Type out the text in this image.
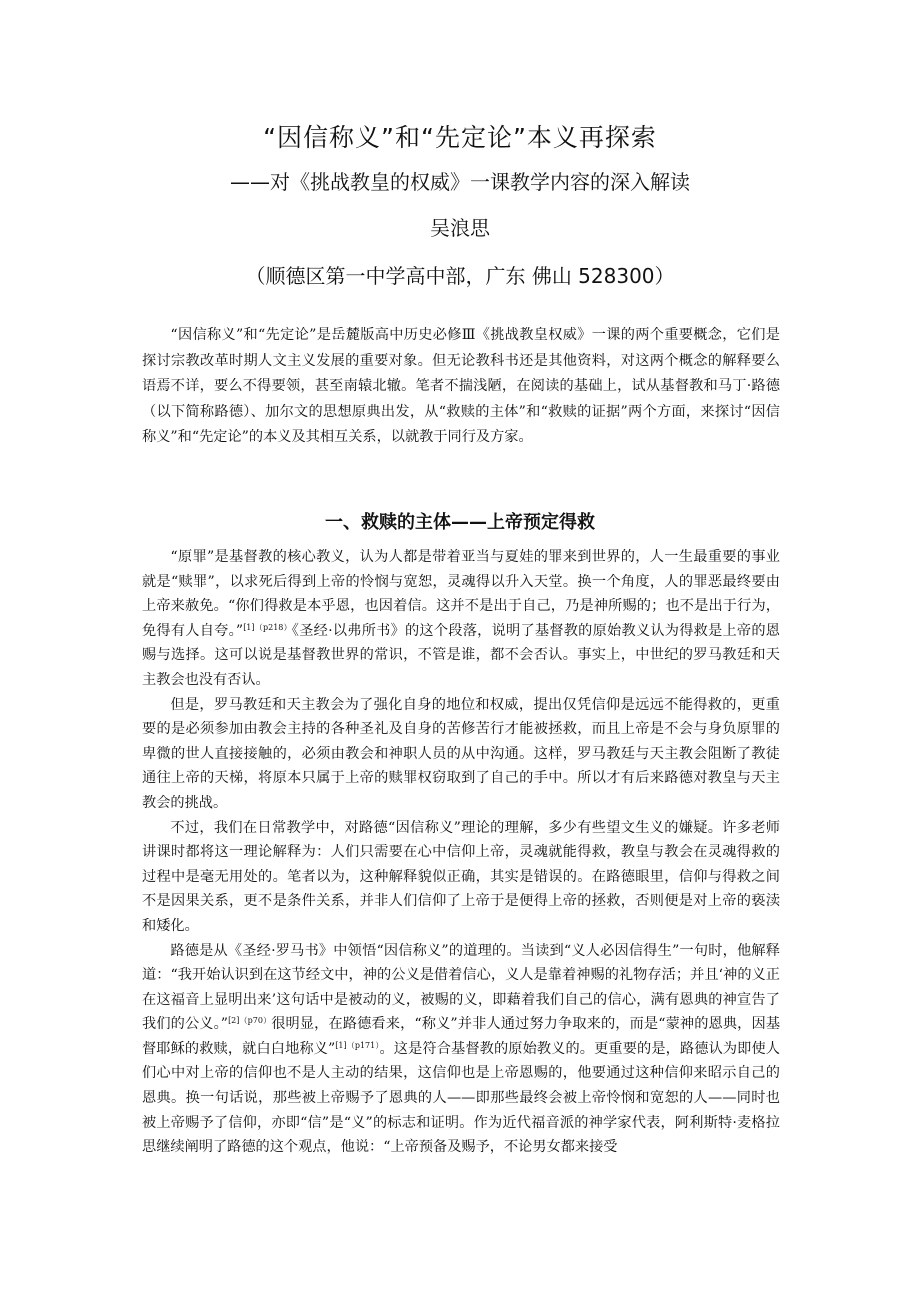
“因信称义”和“先定论”本义再探索
——对《挑战教皇的权威》一课教学内容的深入解读
吴浪思
（顺德区第一中学高中部，广东 佛山 528300）
“因信称义”和“先定论”是岳麓版高中历史必修Ⅲ《挑战教皇权威》一课的两个重要概念，它们是探讨宗教改革时期人文主义发展的重要对象。但无论教科书还是其他资料，对这两个概念的解释要么语焉不详，要么不得要领，甚至南辕北辙。笔者不揣浅陋，在阅读的基础上，试从基督教和马丁·路德（以下简称路德）、加尔文的思想原典出发，从“救赎的主体”和“救赎的证据”两个方面，来探讨“因信称义”和“先定论”的本义及其相互关系，以就教于同行及方家。
一、救赎的主体——上帝预定得救

“原罪”是基督教的核心教义，认为人都是带着亚当与夏娃的罪来到世界的，人一生最重要的事业就是“赎罪”，以求死后得到上帝的怜悯与宽恕，灵魂得以升入天堂。换一个角度，人的罪恶最终要由上帝来赦免。“你们得救是本乎恩，也因着信。这并不是出于自己，乃是神所赐的；也不是出于行为，免得有人自夸。”$^{[1](p218)}$《圣经·以弗所书》的这个段落，说明了基督教的原始教义认为得救是上帝的恩赐与选择。这可以说是基督教世界的常识，不管是谁，都不会否认。事实上，中世纪的罗马教廷和天主教会也没有否认。

但是，罗马教廷和天主教会为了强化自身的地位和权威，提出仅凭信仰是远远不能得救的，更重要的是必须参加由教会主持的各种圣礼及自身的苦修苦行才能被拯救，而且上帝是不会与身负原罪的卑微的世人直接接触的，必须由教会和神职人员的从中沟通。这样，罗马教廷与天主教会阻断了教徒通往上帝的天梯，将原本只属于上帝的赎罪权窃取到了自己的手中。所以才有后来路德对教皇与天主教会的挑战。

不过，我们在日常教学中，对路德“因信称义”理论的理解，多少有些望文生义的嫌疑。许多老师讲课时都将这一理论解释为：人们只需要在心中信仰上帝，灵魂就能得救，教皇与教会在灵魂得救的过程中是毫无用处的。笔者以为，这种解释貌似正确，其实是错误的。在路德眼里，信仰与得救之间不是因果关系，更不是条件关系，并非人们信仰了上帝于是便得上帝的拯救，否则便是对上帝的亵渎和矮化。

路德是从《圣经·罗马书》中领悟“因信称义”的道理的。当读到“义人必因信得生”一句时，他解释道：“我开始认识到在这节经文中，神的公义是借着信心，义人是靠着神赐的礼物存活；并且‘神的义正在这福音上显明出来’这句话中是被动的义，被赐的义，即藉着我们自己的信心，满有恩典的神宣告了我们的公义。”$^{[2](p70)}$很明显，在路德看来，“称义”并非人通过努力争取来的，而是“蒙神的恩典，因基督耶稣的救赎，就白白地称义”$^{[1](p171)}$。这是符合基督教的原始教义的。更重要的是，路德认为即使人们心中对上帝的信仰也不是人主动的结果，这信仰也是上帝恩赐的，他要通过这种信仰来昭示自己的恩典。换一句话说，那些被上帝赐予了恩典的人——即那些最终会被上帝怜悯和宽恕的人——同时也被上帝赐予了信仰，亦即“信”是“义”的标志和证明。作为近代福音派的神学家代表，阿利斯特·麦格拉思继续阐明了路德的这个观点，他说：“上帝预备及赐予，不论男女都来接受
